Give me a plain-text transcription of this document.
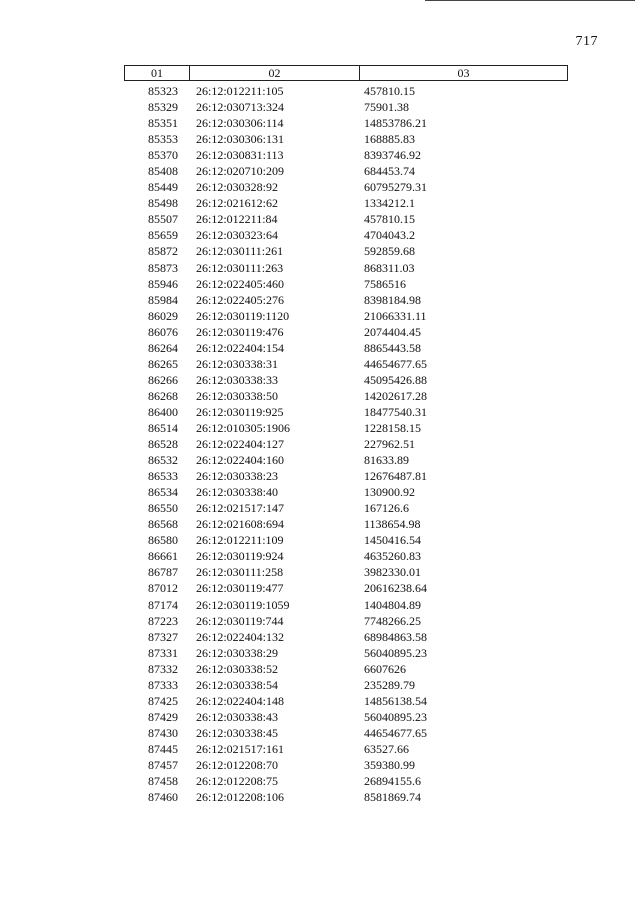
717
01	02	03
85323	26:12:012211:105	457810.15
85329	26:12:030713:324	75901.38
85351	26:12:030306:114	14853786.21
85353	26:12:030306:131	168885.83
85370	26:12:030831:113	8393746.92
85408	26:12:020710:209	684453.74
85449	26:12:030328:92	60795279.31
85498	26:12:021612:62	1334212.1
85507	26:12:012211:84	457810.15
85659	26:12:030323:64	4704043.2
85872	26:12:030111:261	592859.68
85873	26:12:030111:263	868311.03
85946	26:12:022405:460	7586516
85984	26:12:022405:276	8398184.98
86029	26:12:030119:1120	21066331.11
86076	26:12:030119:476	2074404.45
86264	26:12:022404:154	8865443.58
86265	26:12:030338:31	44654677.65
86266	26:12:030338:33	45095426.88
86268	26:12:030338:50	14202617.28
86400	26:12:030119:925	18477540.31
86514	26:12:010305:1906	1228158.15
86528	26:12:022404:127	227962.51
86532	26:12:022404:160	81633.89
86533	26:12:030338:23	12676487.81
86534	26:12:030338:40	130900.92
86550	26:12:021517:147	167126.6
86568	26:12:021608:694	1138654.98
86580	26:12:012211:109	1450416.54
86661	26:12:030119:924	4635260.83
86787	26:12:030111:258	3982330.01
87012	26:12:030119:477	20616238.64
87174	26:12:030119:1059	1404804.89
87223	26:12:030119:744	7748266.25
87327	26:12:022404:132	68984863.58
87331	26:12:030338:29	56040895.23
87332	26:12:030338:52	6607626
87333	26:12:030338:54	235289.79
87425	26:12:022404:148	14856138.54
87429	26:12:030338:43	56040895.23
87430	26:12:030338:45	44654677.65
87445	26:12:021517:161	63527.66
87457	26:12:012208:70	359380.99
87458	26:12:012208:75	26894155.6
87460	26:12:012208:106	8581869.74
